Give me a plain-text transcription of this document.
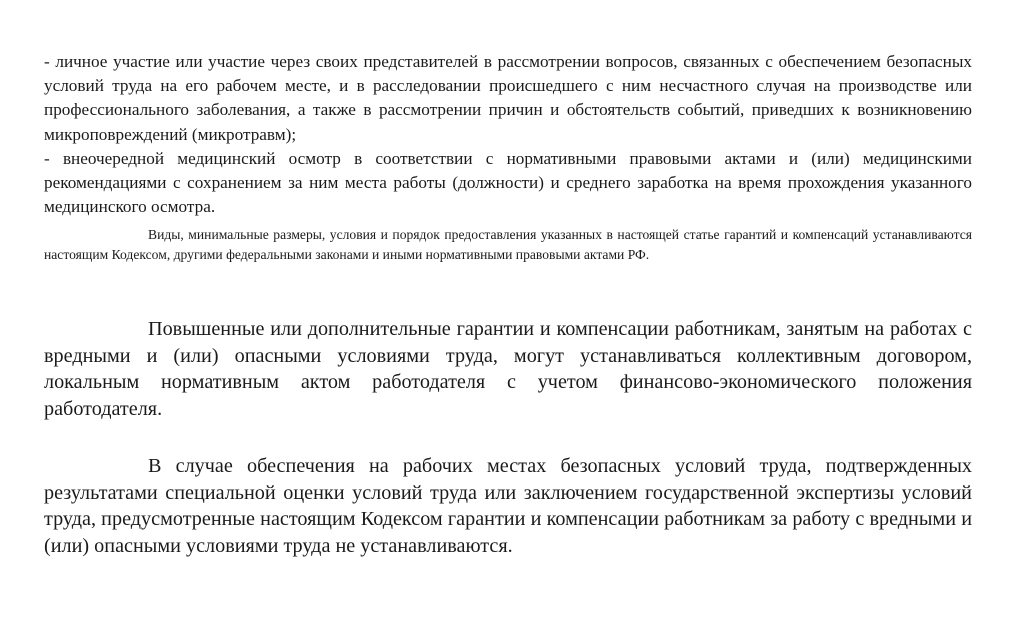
- личное участие или участие через своих представителей в рассмотрении вопросов, связанных с обеспечением безопасных условий труда на его рабочем месте, и в расследовании происшедшего с ним несчастного случая на производстве или профессионального заболевания, а также в рассмотрении причин и обстоятельств событий, приведших к возникновению микроповреждений (микротравм);

- внеочередной медицинский осмотр в соответствии с нормативными правовыми актами и (или) медицинскими рекомендациями с сохранением за ним места работы (должности) и среднего заработка на время прохождения указанного медицинского осмотра.

Виды, минимальные размеры, условия и порядок предоставления указанных в настоящей статье гарантий и компенсаций устанавливаются настоящим Кодексом, другими федеральными законами и иными нормативными правовыми актами РФ.

Повышенные или дополнительные гарантии и компенсации работникам, занятым на работах с вредными и (или) опасными условиями труда, могут устанавливаться коллективным договором, локальным нормативным актом работодателя с учетом финансово-экономического положения работодателя.

В случае обеспечения на рабочих местах безопасных условий труда, подтвержденных результатами специальной оценки условий труда или заключением государственной экспертизы условий труда, предусмотренные настоящим Кодексом гарантии и компенсации работникам за работу с вредными и (или) опасными условиями труда не устанавливаются.
